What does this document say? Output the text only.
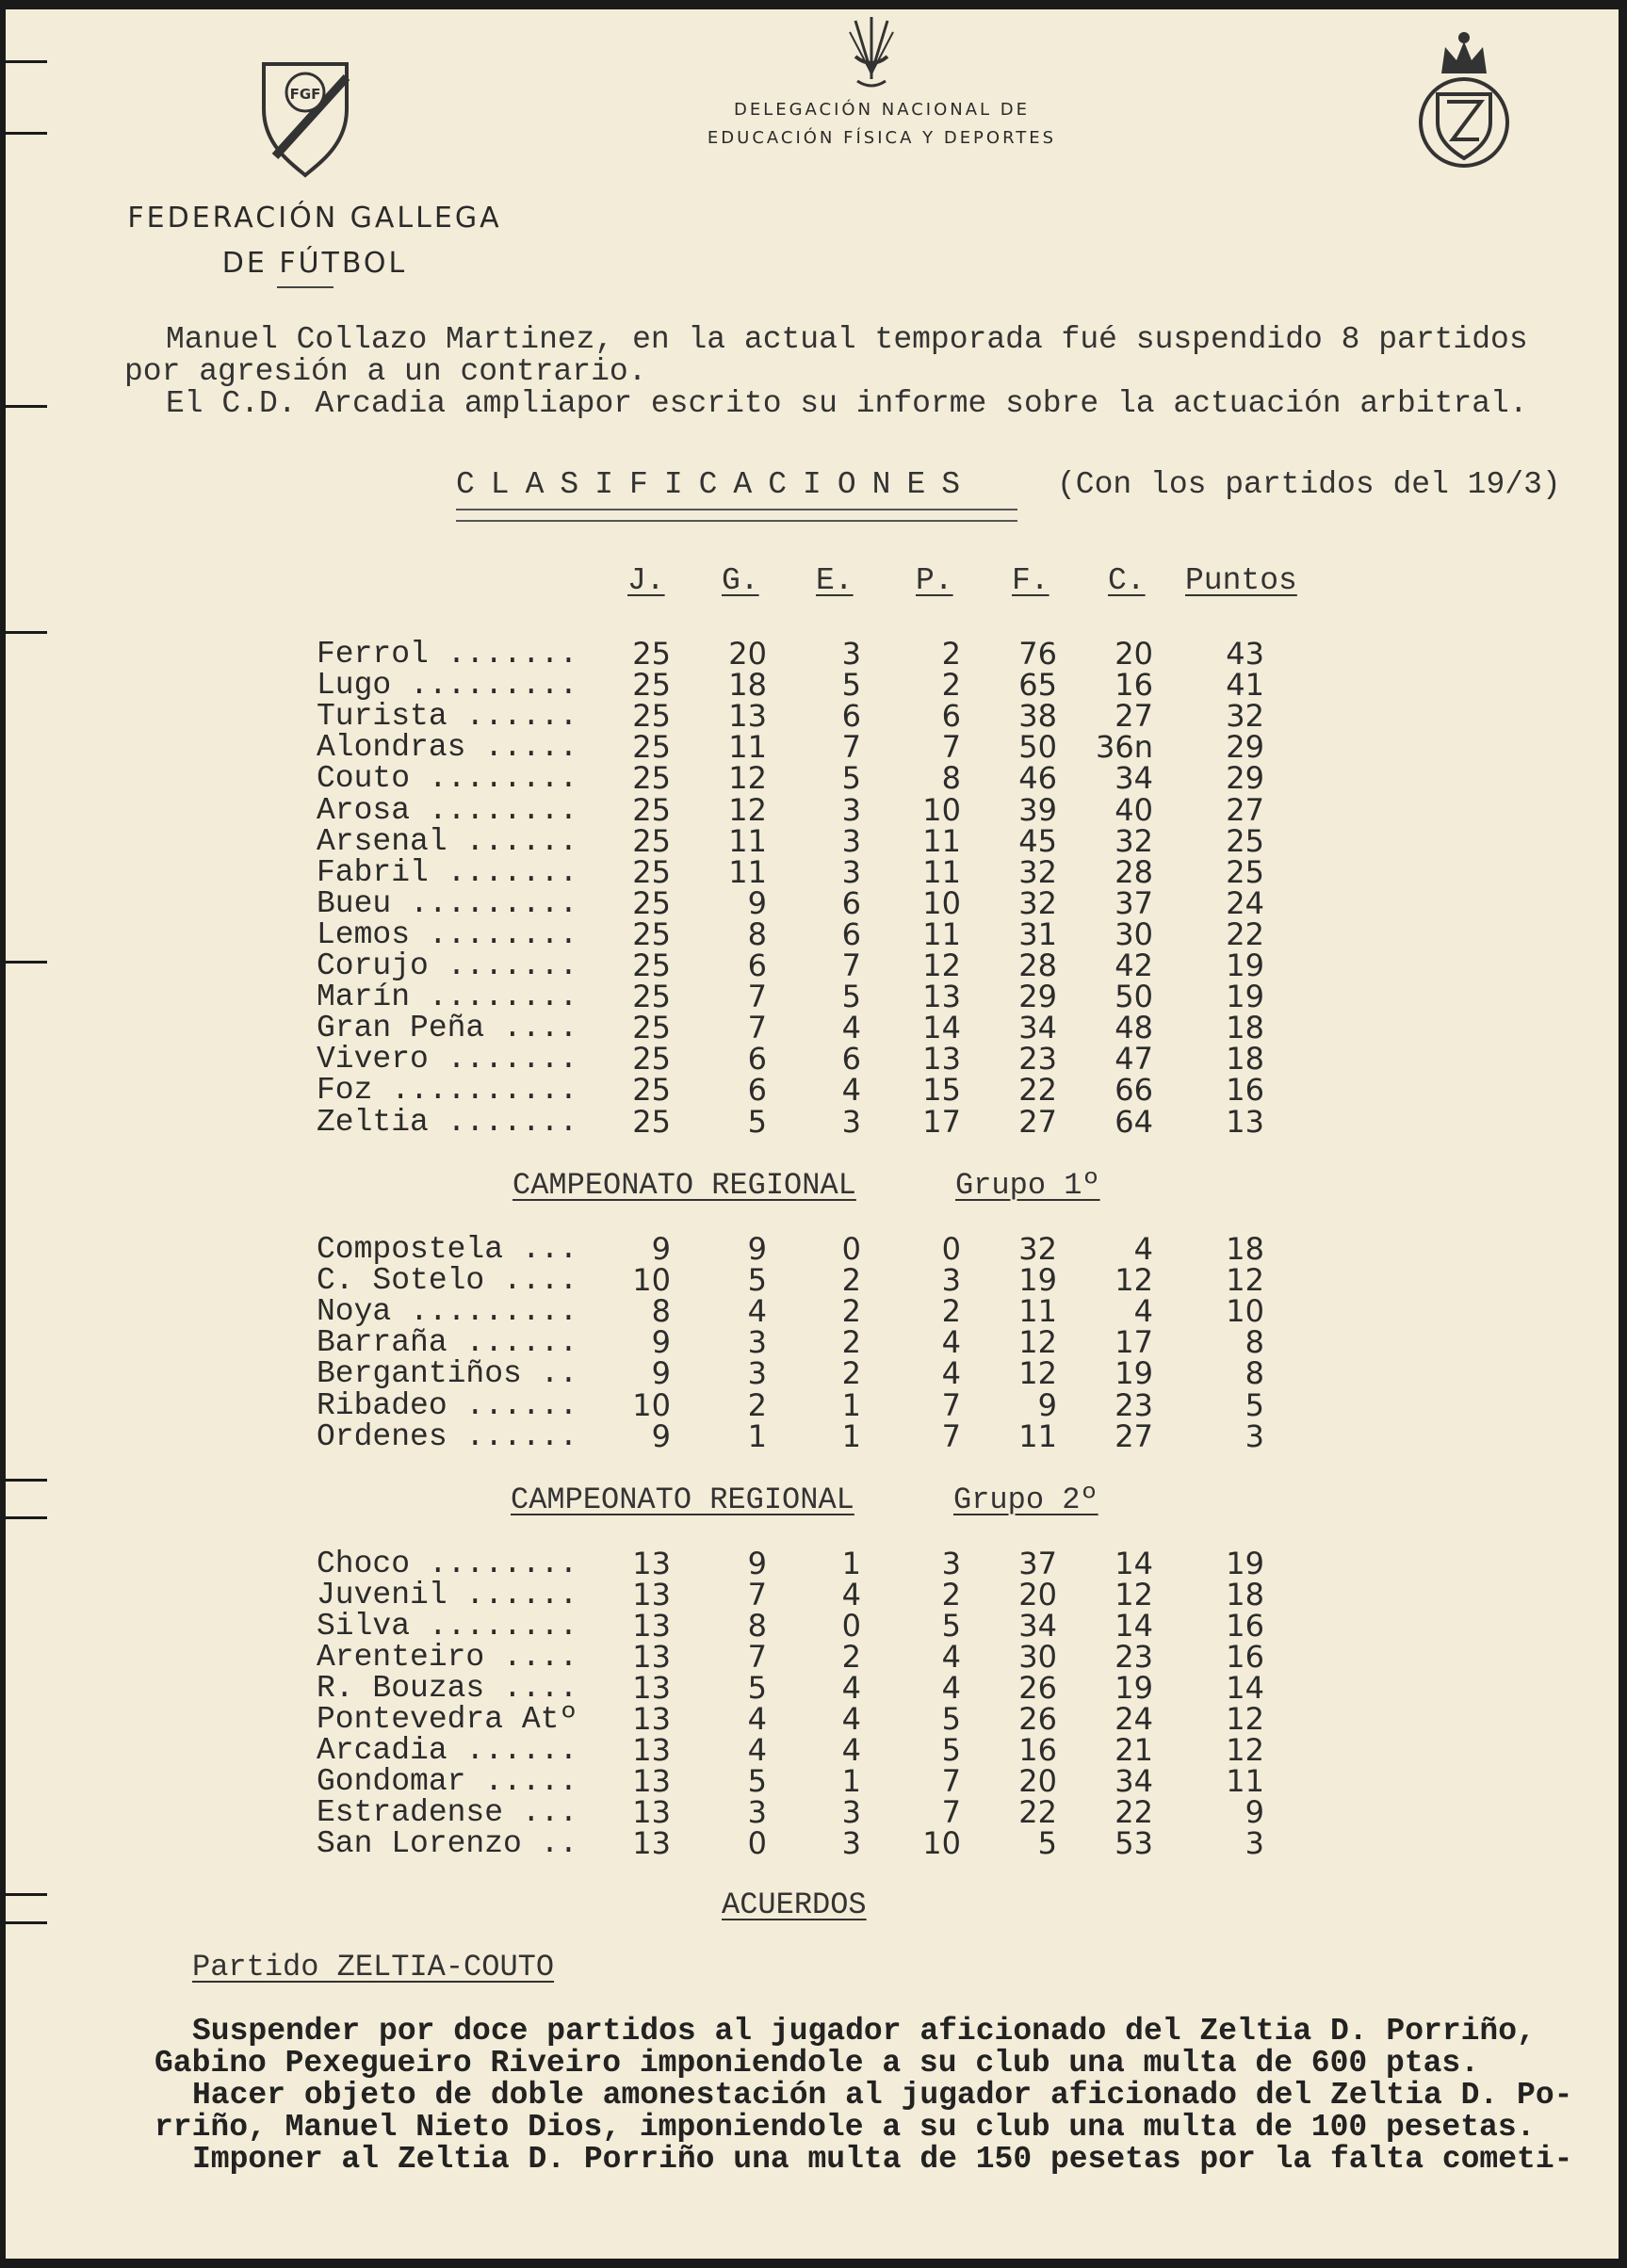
FGF
DELEGACIÓN NACIONAL DE
EDUCACIÓN FÍSICA Y DEPORTES
FEDERACIÓN GALLEGA
DE FÚTBOL
Manuel Collazo Martinez, en la actual temporada fué suspendido 8 partidos
por agresión a un contrario.
El C.D. Arcadia ampliapor escrito su informe sobre la actuación arbitral.
CLASIFICACIONES	(Con los partidos del 19/3)
J. G. E. P. F. C. Puntos
Ferrol .......	25	20	3	2	76	20	43
Lugo .........	25	18	5	2	65	16	41
Turista ......	25	13	6	6	38	27	32
Alondras .....	25	11	7	7	50 36n	29
Couto ........	25	12	5	8	46	34	29
Arosa ........	25	12	3	10	39	40	27
Arsenal ......	25	11	3	11	45	32	25
Fabril .......	25	11	3	11	32	28	25
Bueu .........	25	9	6	10	32	37	24
Lemos ........	25	8	6	11	31	30	22
Corujo .......	25	6	7	12	28	42	19
Marín ........	25	7	5	13	29	50	19
Gran Peña ....	25	7	4	14	34	48	18
Vivero .......	25	6	6	13	23	47	18
Foz ..........	25	6	4	15	22	66	16
Zeltia .......	25	5	3	17	27	64	13
CAMPEONATO REGIONAL	Grupo 1º
Compostela ...	9	9	0	0	32	4	18
C. Sotelo ....	10	5	2	3	19	12	12
Noya .........	8	4	2	2	11	4	10
Barraña ......	9	3	2	4	12	17	8
Bergantiños ..	9	3	2	4	12	19	8
Ribadeo ......	10	2	1	7	9	23	5
Ordenes ......	9	1	1	7	11	27	3
CAMPEONATO REGIONAL	Grupo 2º
Choco ........	13	9	1	3	37	14	19
Juvenil ......	13	7	4	2	20	12	18
Silva ........	13	8	0	5	34	14	16
Arenteiro ....	13	7	2	4	30	23	16
R. Bouzas ....	13	5	4	4	26	19	14
Pontevedra Atº	13	4	4	5	26	24	12
Arcadia ......	13	4	4	5	16	21	12
Gondomar .....	13	5	1	7	20	34	11
Estradense ...	13	3	3	7	22	22	9
San Lorenzo ..	13	0	3	10	5	53	3
ACUERDOS
Partido ZELTIA-COUTO
Suspender por doce partidos al jugador aficionado del Zeltia D. Porriño,
Gabino Pexegueiro Riveiro imponiendole a su club una multa de 600 ptas.
Hacer objeto de doble amonestación al jugador aficionado del Zeltia D. Po-
rriño, Manuel Nieto Dios, imponiendole a su club una multa de 100 pesetas.
Imponer al Zeltia D. Porriño una multa de 150 pesetas por la falta cometi-
